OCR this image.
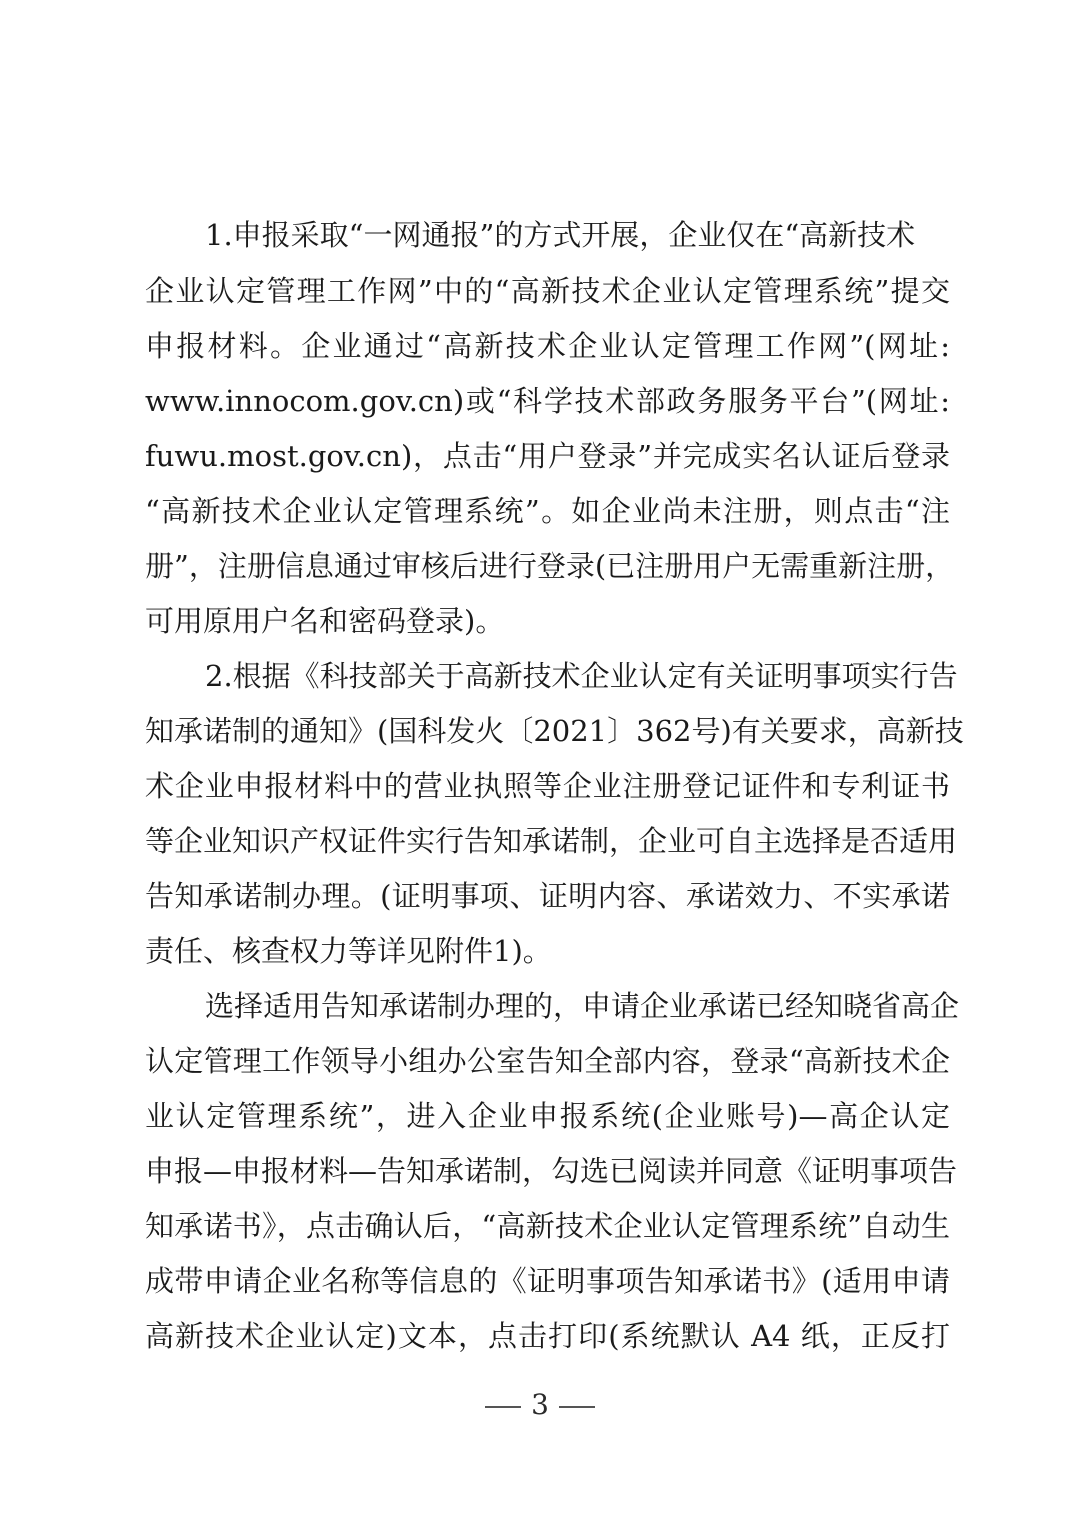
1.申报采取“一网通报”的方式开展，企业仅在“高新技术
企业认定管理工作网”中的“高新技术企业认定管理系统”提交
申报材料。企业通过“高新技术企业认定管理工作网”(网址:
www.innocom.gov.cn)或“科学技术部政务服务平台”(网址:
fuwu.most.gov.cn)，点击“用户登录”并完成实名认证后登录
“高新技术企业认定管理系统”。如企业尚未注册，则点击“注
册”，注册信息通过审核后进行登录(已注册用户无需重新注册，
可用原用户名和密码登录)。
2.根据《科技部关于高新技术企业认定有关证明事项实行告
知承诺制的通知》(国科发火〔2021〕362号)有关要求，高新技
术企业申报材料中的营业执照等企业注册登记证件和专利证书
等企业知识产权证件实行告知承诺制，企业可自主选择是否适用
告知承诺制办理。(证明事项、证明内容、承诺效力、不实承诺
责任、核查权力等详见附件1)。
选择适用告知承诺制办理的，申请企业承诺已经知晓省高企
认定管理工作领导小组办公室告知全部内容，登录“高新技术企
业认定管理系统”，进入企业申报系统(企业账号)—高企认定
申报—申报材料—告知承诺制，勾选已阅读并同意《证明事项告
知承诺书》，点击确认后，“高新技术企业认定管理系统”自动生
成带申请企业名称等信息的《证明事项告知承诺书》(适用申请
高新技术企业认定)文本，点击打印(系统默认 A4 纸，正反打
3
